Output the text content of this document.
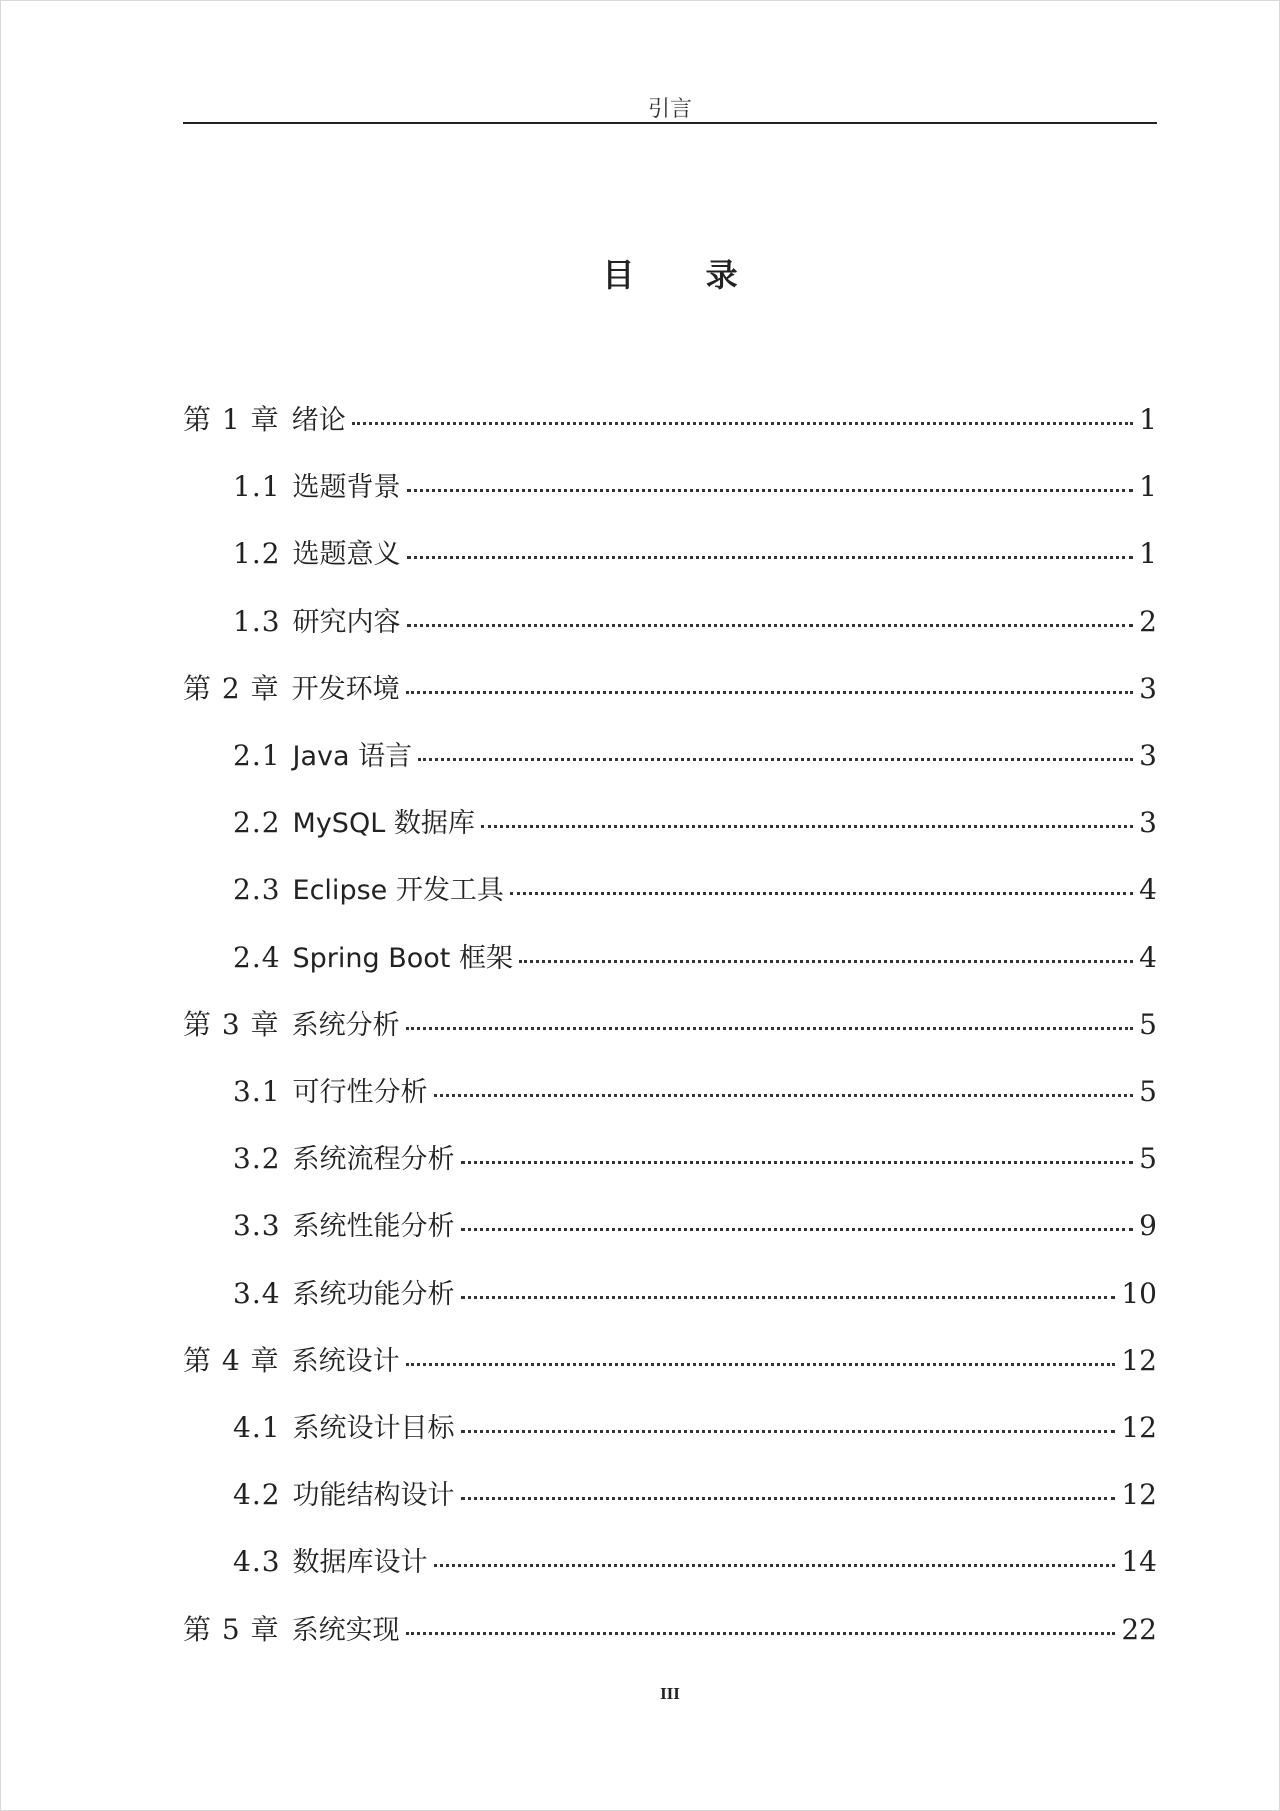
引言
目 录
第 1 章 绪论	1
1.1 选题背景	1
1.2 选题意义	1
1.3 研究内容	2
第 2 章 开发环境	3
2.1 Java 语言	3
2.2 MySQL 数据库	3
2.3 Eclipse 开发工具	4
2.4 Spring Boot 框架	4
第 3 章 系统分析	5
3.1 可行性分析	5
3.2 系统流程分析	5
3.3 系统性能分析	9
3.4 系统功能分析	10
第 4 章 系统设计	12
4.1 系统设计目标	12
4.2 功能结构设计	12
4.3 数据库设计	14
第 5 章 系统实现	22
III
